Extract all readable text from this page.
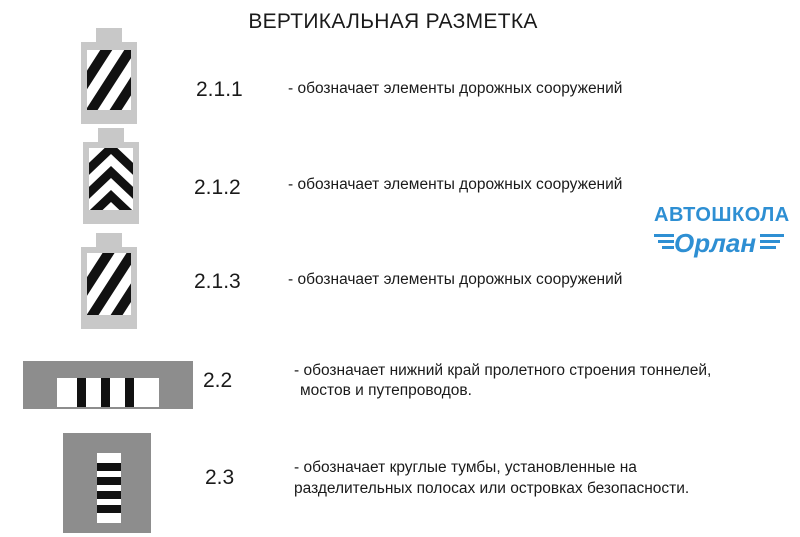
ВЕРТИКАЛЬНАЯ РАЗМЕТКА
2.1.1	- обозначает элементы дорожных сооружений
2.1.2	- обозначает элементы дорожных сооружений
2.1.3	- обозначает элементы дорожных сооружений
2.2	- обозначает нижний край пролетного строения тоннелей,
мостов и путепроводов.
2.3	- обозначает круглые тумбы, установленные на
разделительных полосах или островках безопасности.
АВТОШКОЛА
Орлан
